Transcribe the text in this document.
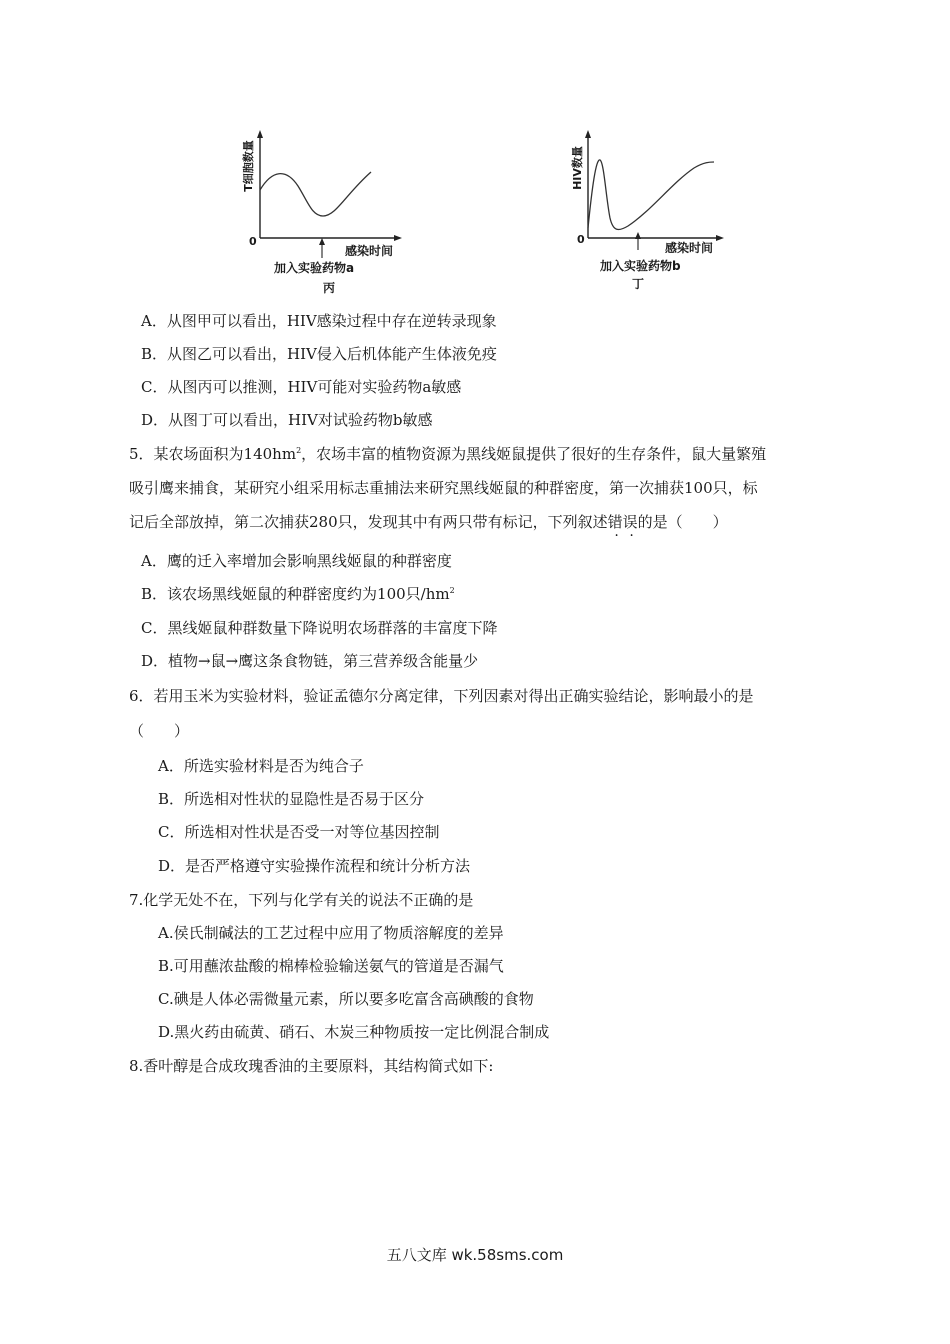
T细胞数量
0
感染时间
加入实验药物a
丙
HIV数量
0
感染时间
加入实验药物b
丁
A．从图甲可以看出，HIV感染过程中存在逆转录现象
B．从图乙可以看出，HIV侵入后机体能产生体液免疫
C．从图丙可以推测，HIV可能对实验药物a敏感
D．从图丁可以看出，HIV对试验药物b敏感
5．某农场面积为$140hm^2$，农场丰富的植物资源为黑线姬鼠提供了很好的生存条件，鼠大量繁殖
吸引鹰来捕食，某研究小组采用标志重捕法来研究黑线姬鼠的种群密度，第一次捕获100只，标
记后全部放掉，第二次捕获280只，发现其中有两只带有标记，下列叙述错误的是（　　）
A．鹰的迁入率增加会影响黑线姬鼠的种群密度
B．该农场黑线姬鼠的种群密度约为100只$/hm^2$
C．黑线姬鼠种群数量下降说明农场群落的丰富度下降
D．植物→鼠→鹰这条食物链，第三营养级含能量少
6．若用玉米为实验材料，验证孟德尔分离定律，下列因素对得出正确实验结论，影响最小的是
（　　）
A．所选实验材料是否为纯合子
B．所选相对性状的显隐性是否易于区分
C．所选相对性状是否受一对等位基因控制
D．是否严格遵守实验操作流程和统计分析方法
7.化学无处不在，下列与化学有关的说法不正确的是
A.侯氏制碱法的工艺过程中应用了物质溶解度的差异
B.可用蘸浓盐酸的棉棒检验输送氨气的管道是否漏气
C.碘是人体必需微量元素，所以要多吃富含高碘酸的食物
D.黑火药由硫黄、硝石、木炭三种物质按一定比例混合制成
8.香叶醇是合成玫瑰香油的主要原料，其结构简式如下:
五八文库 wk.58sms.com
